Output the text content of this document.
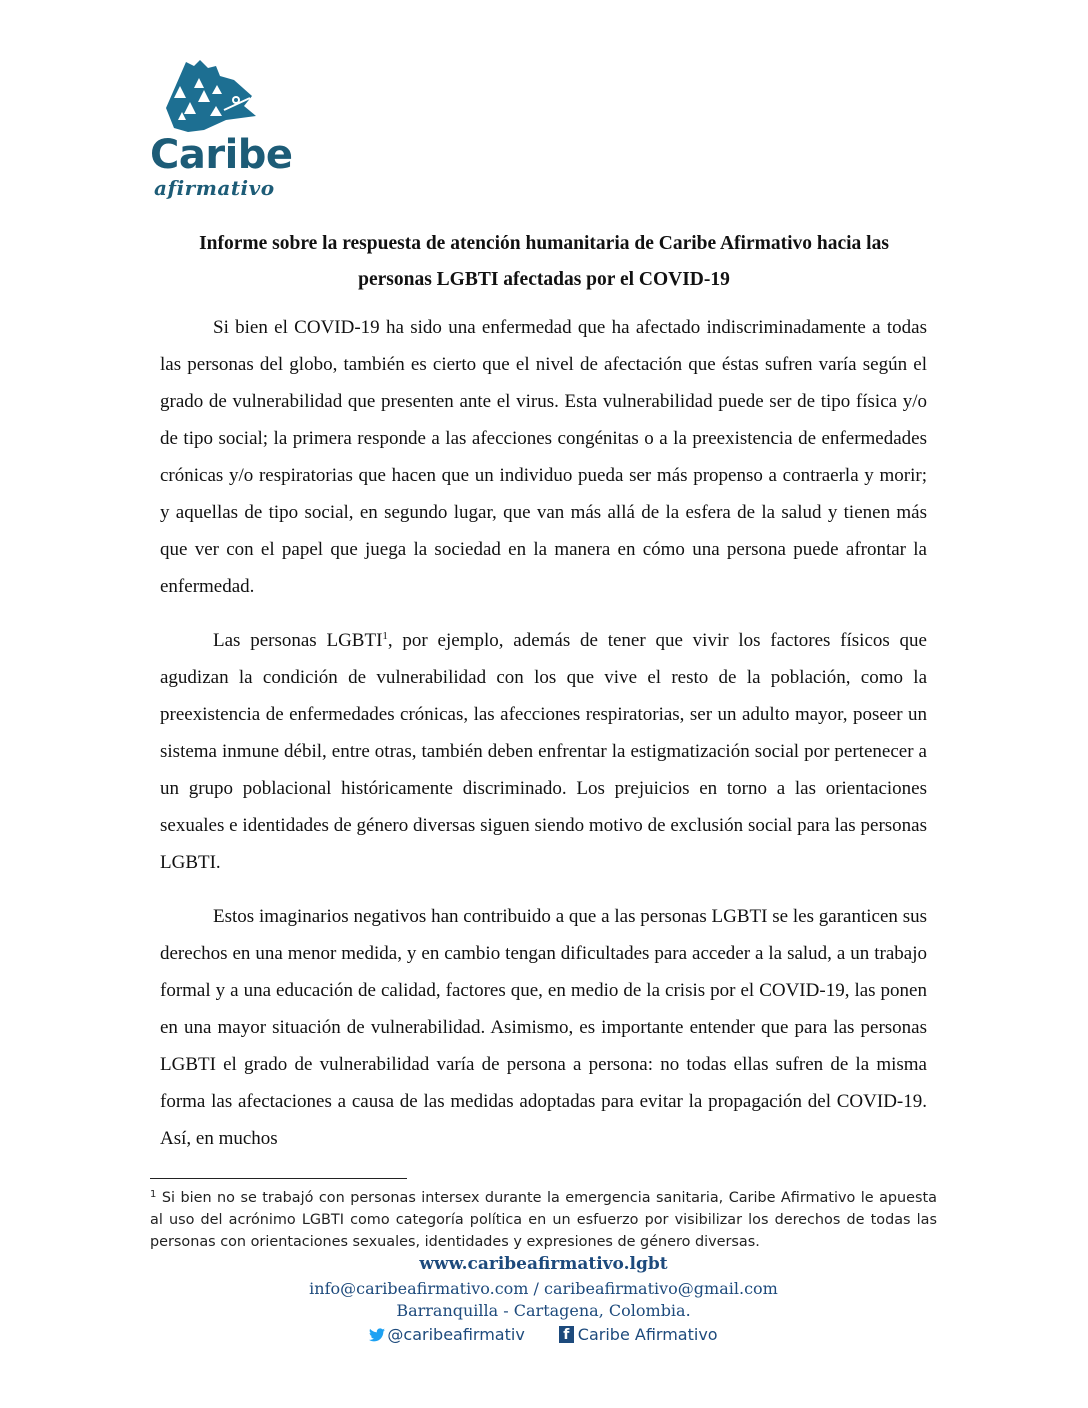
Caribe
afirmativo
Informe sobre la respuesta de atención humanitaria de Caribe Afirmativo hacia las personas LGBTI afectadas por el COVID-19

Si bien el COVID-19 ha sido una enfermedad que ha afectado indiscriminadamente a todas las personas del globo, también es cierto que el nivel de afectación que éstas sufren varía según el grado de vulnerabilidad que presenten ante el virus. Esta vulnerabilidad puede ser de tipo física y/o de tipo social; la primera responde a las afecciones congénitas o a la preexistencia de enfermedades crónicas y/o respiratorias que hacen que un individuo pueda ser más propenso a contraerla y morir; y aquellas de tipo social, en segundo lugar, que van más allá de la esfera de la salud y tienen más que ver con el papel que juega la sociedad en la manera en cómo una persona puede afrontar la enfermedad.

Las personas LGBTI$^1$, por ejemplo, además de tener que vivir los factores físicos que agudizan la condición de vulnerabilidad con los que vive el resto de la población, como la preexistencia de enfermedades crónicas, las afecciones respiratorias, ser un adulto mayor, poseer un sistema inmune débil, entre otras, también deben enfrentar la estigmatización social por pertenecer a un grupo poblacional históricamente discriminado. Los prejuicios en torno a las orientaciones sexuales e identidades de género diversas siguen siendo motivo de exclusión social para las personas LGBTI.

Estos imaginarios negativos han contribuido a que a las personas LGBTI se les garanticen sus derechos en una menor medida, y en cambio tengan dificultades para acceder a la salud, a un trabajo formal y a una educación de calidad, factores que, en medio de la crisis por el COVID-19, las ponen en una mayor situación de vulnerabilidad. Asimismo, es importante entender que para las personas LGBTI el grado de vulnerabilidad varía de persona a persona: no todas ellas sufren de la misma forma las afectaciones a causa de las medidas adoptadas para evitar la propagación del COVID-19. Así, en muchos

$^1$ Si bien no se trabajó con personas intersex durante la emergencia sanitaria, Caribe Afirmativo le apuesta al uso del acrónimo LGBTI como categoría política en un esfuerzo por visibilizar los derechos de todas las personas con orientaciones sexuales, identidades y expresiones de género diversas.
www.caribeafirmativo.lgbt
info@caribeafirmativo.com / caribeafirmativo@gmail.com
Barranquilla - Cartagena, Colombia.
@caribeafirmativ	f Caribe Afirmativo
